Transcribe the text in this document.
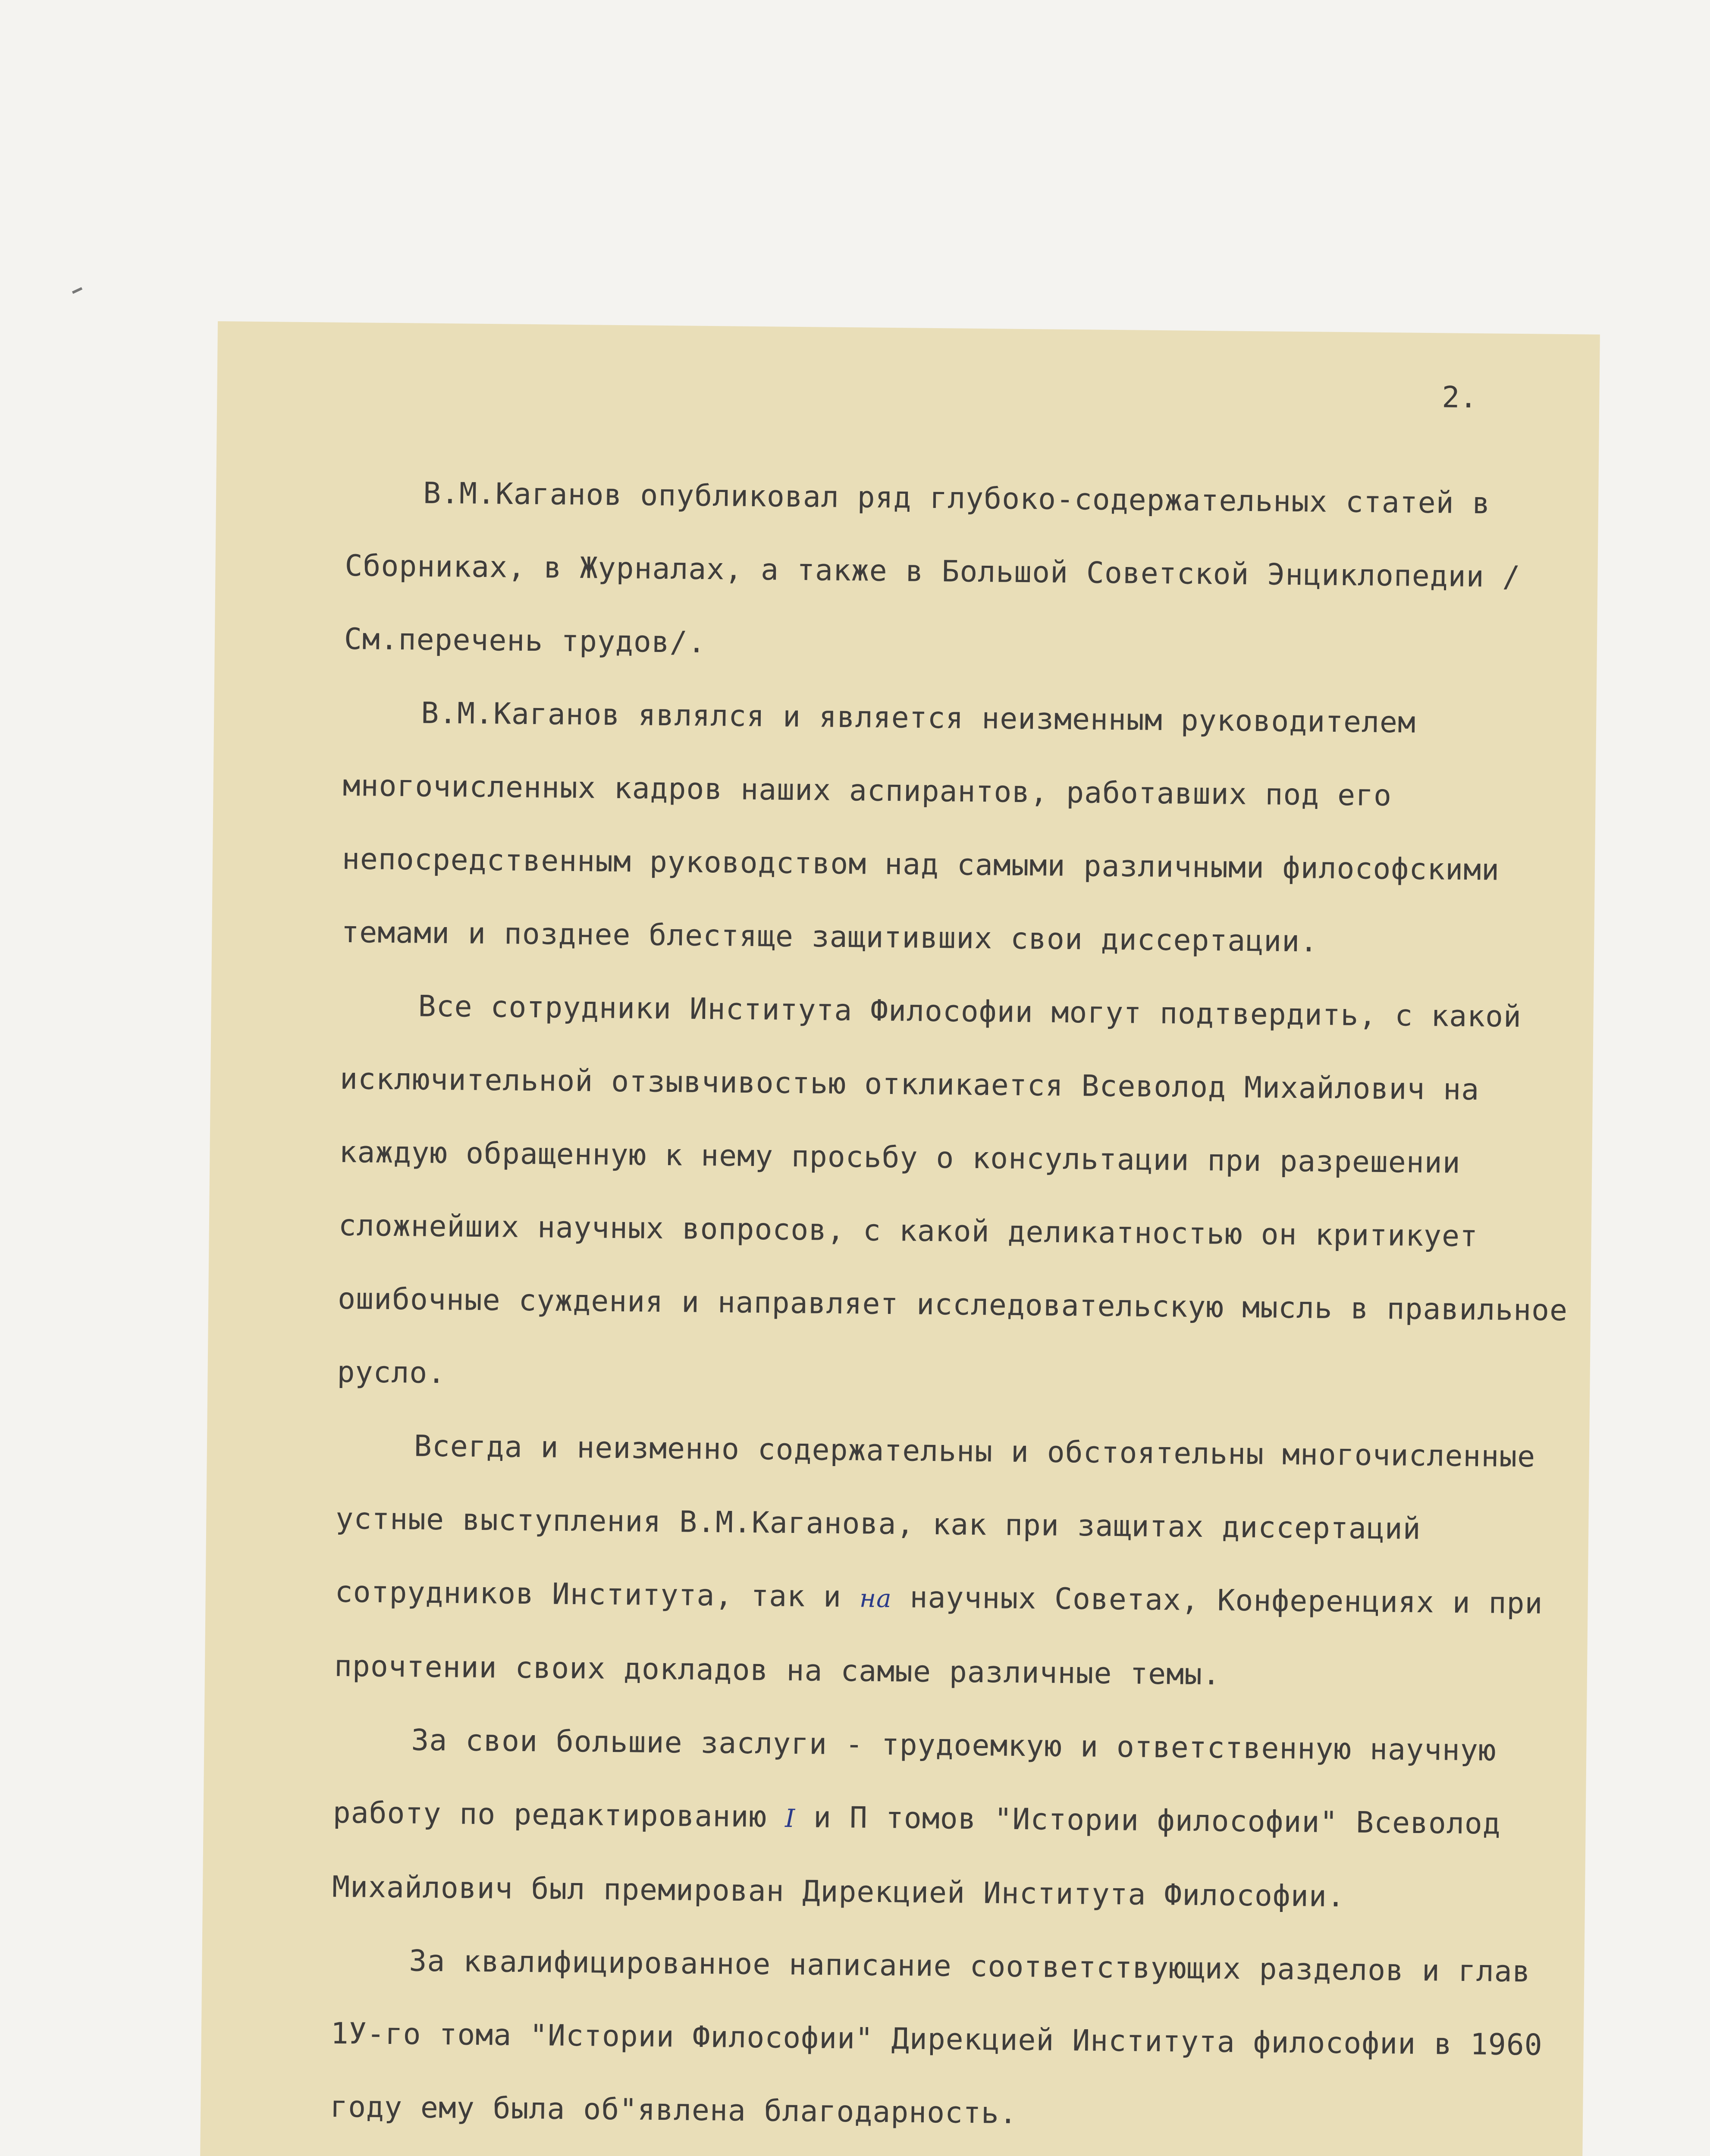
2.

В.М.Каганов опубликовал ряд глубоко-содержательных статей в Сборниках, в Журналах, а также в Большой Советской Энциклопедии /См.перечень трудов/.

В.М.Каганов являлся и является неизменным руководителем многочисленных кадров наших аспирантов, работавших под его непосредственным руководством над самыми различными философскими темами и позднее блестяще защитивших свои диссертации.

Все сотрудники Института Философии могут подтвердить, с какой исключительной отзывчивостью откликается Всеволод Михайлович на каждую обращенную к нему просьбу о консультации при разрешении сложнейших научных вопросов, с какой деликатностью он критикует ошибочные суждения и направляет исследовательскую мысль в правильное русло.

Всегда и неизменно содержательны и обстоятельны многочисленные устные выступления В.М.Каганова, как при защитах диссертаций сотрудников Института, так и на научных Советах, Конференциях и при прочтении своих докладов на самые различные темы.

За свои большие заслуги - трудоемкую и ответственную научную работу по редактированию I и П томов "Истории философии" Всеволод Михайлович был премирован Дирекцией Института Философии.

За квалифицированное написание соответствующих разделов и глав 1У-го тома "Истории Философии" Дирекцией Института философии в 1960 году ему была об"явлена благодарность.
